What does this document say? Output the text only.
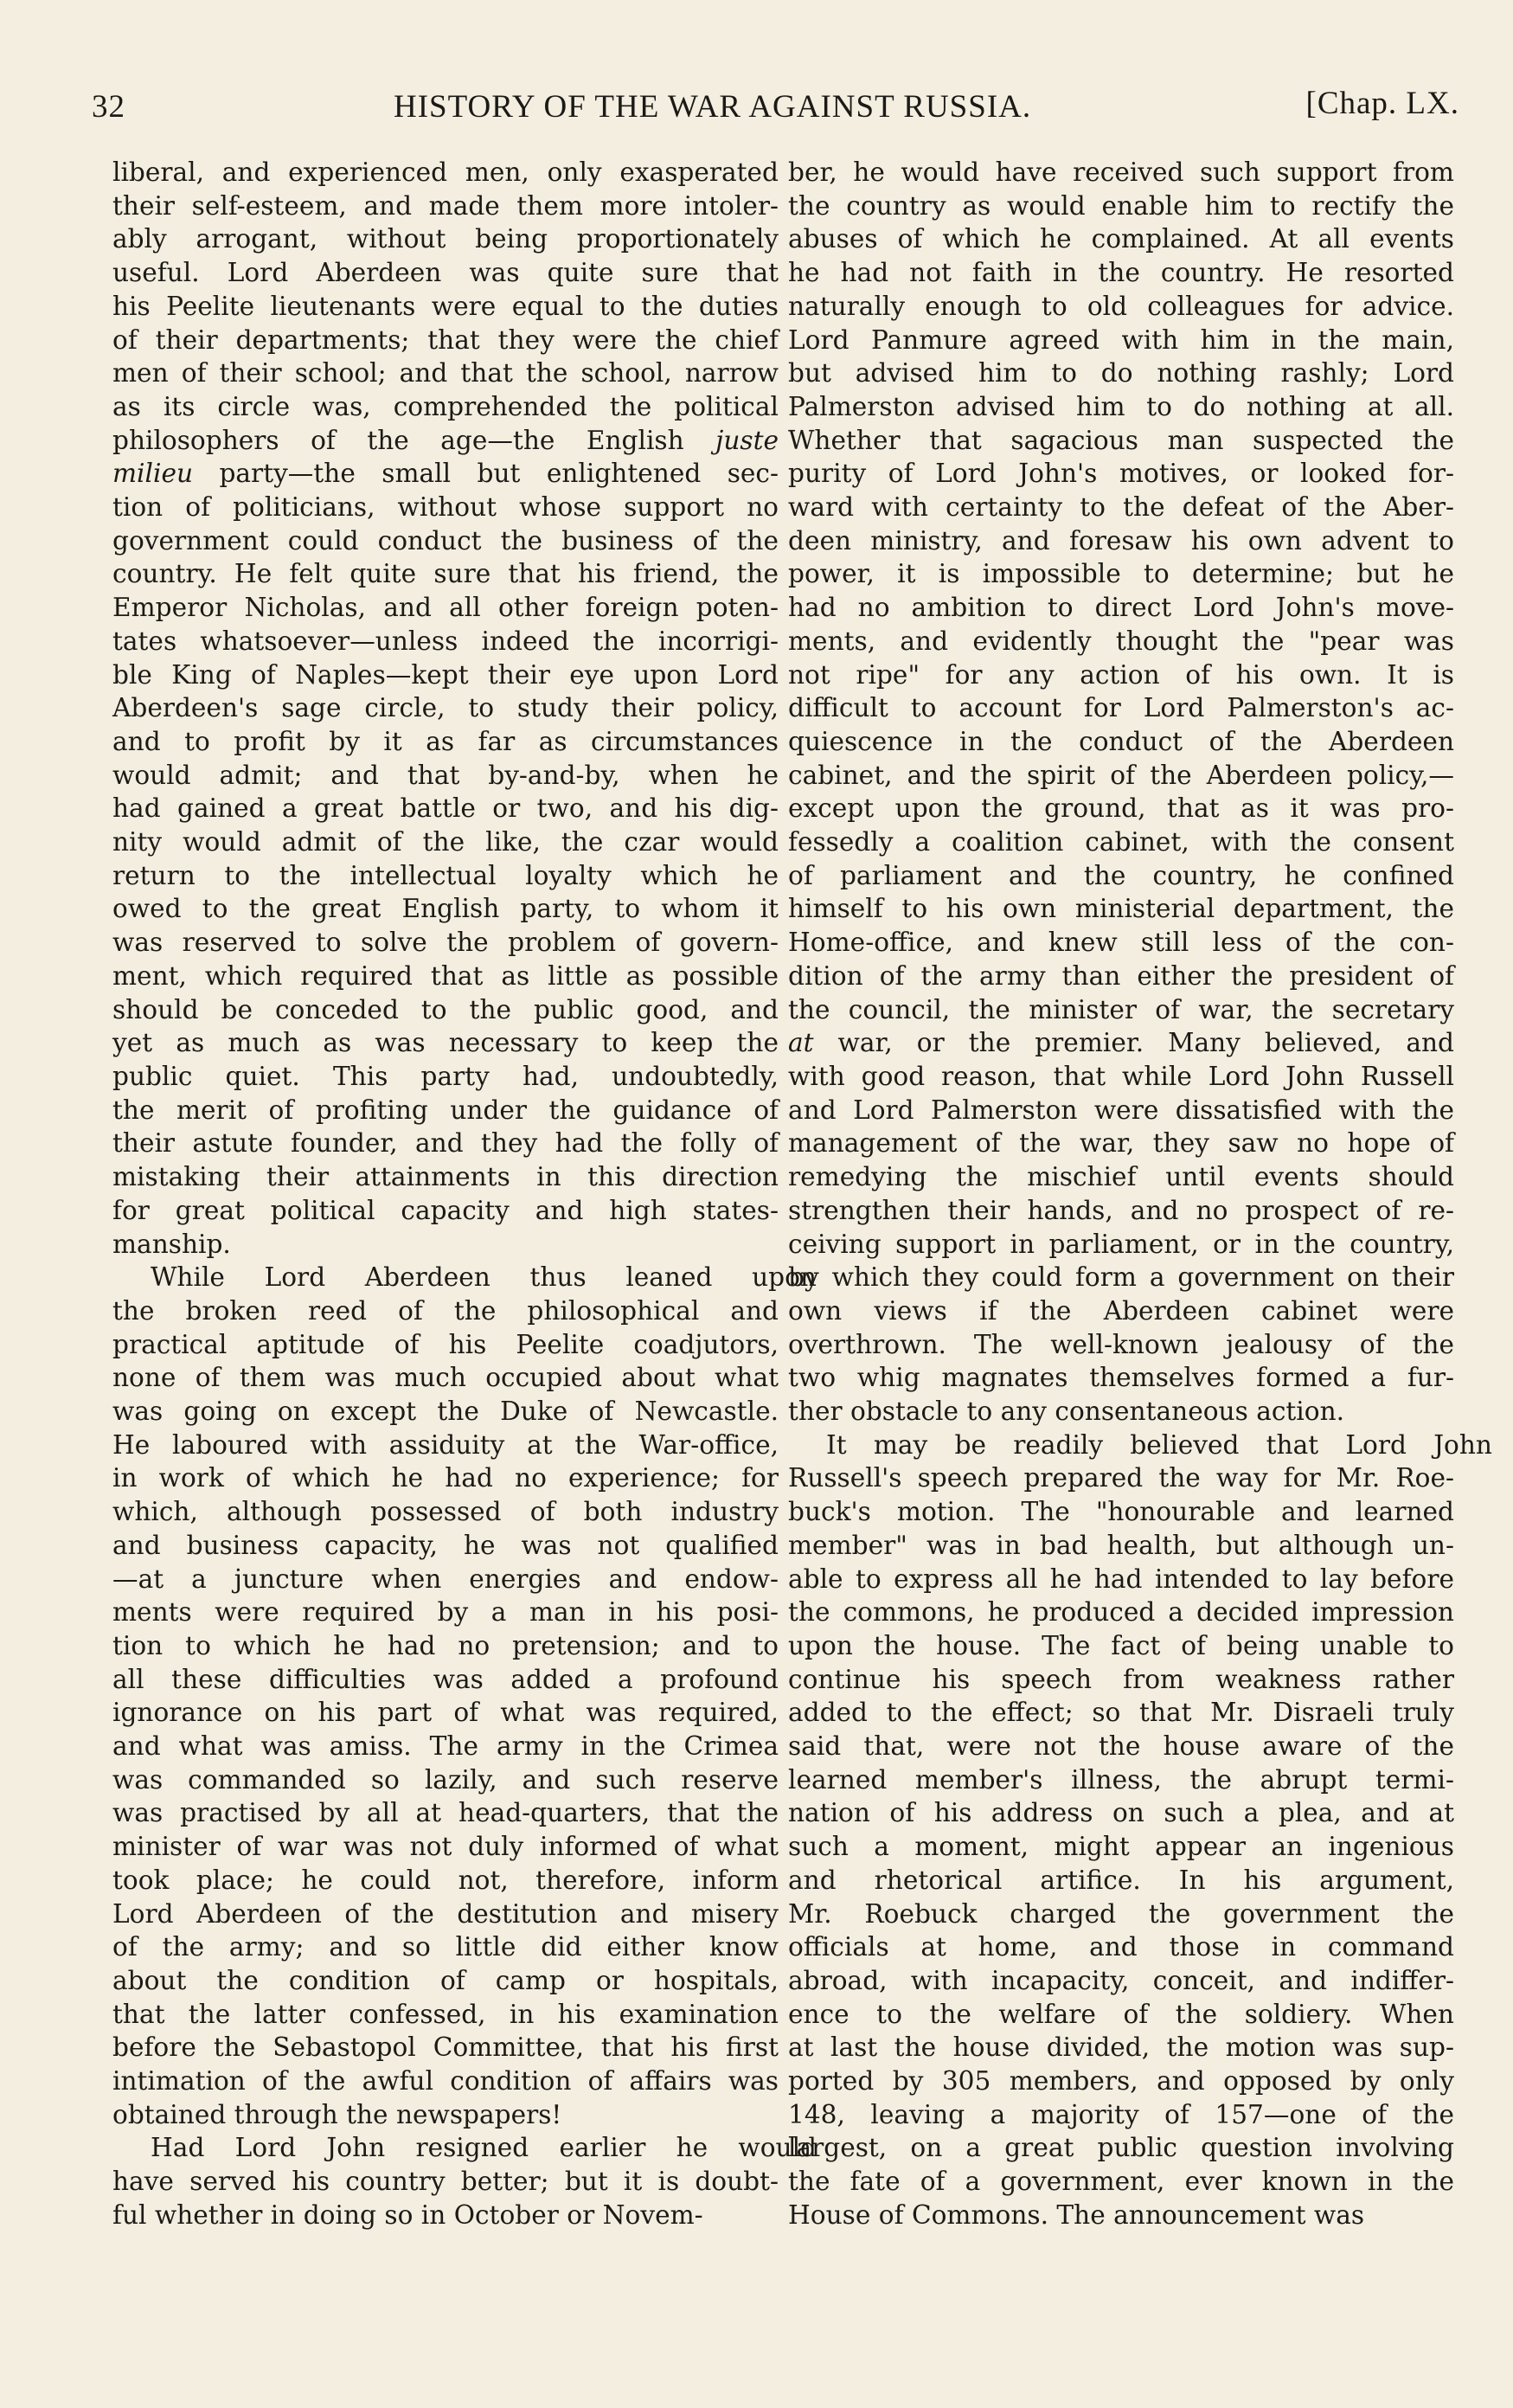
32	HISTORY OF THE WAR AGAINST RUSSIA.	[Chap. LX.
liberal, and experienced men, only exasperated
their self-esteem, and made them more intoler-
ably arrogant, without being proportionately
useful. Lord Aberdeen was quite sure that
his Peelite lieutenants were equal to the duties
of their departments; that they were the chief
men of their school; and that the school, narrow
as its circle was, comprehended the political
philosophers of the age—the English juste
milieu party—the small but enlightened sec-
tion of politicians, without whose support no
government could conduct the business of the
country. He felt quite sure that his friend, the
Emperor Nicholas, and all other foreign poten-
tates whatsoever—unless indeed the incorrigi-
ble King of Naples—kept their eye upon Lord
Aberdeen's sage circle, to study their policy,
and to profit by it as far as circumstances
would admit; and that by-and-by, when he
had gained a great battle or two, and his dig-
nity would admit of the like, the czar would
return to the intellectual loyalty which he
owed to the great English party, to whom it
was reserved to solve the problem of govern-
ment, which required that as little as possible
should be conceded to the public good, and
yet as much as was necessary to keep the
public quiet. This party had, undoubtedly,
the merit of profiting under the guidance of
their astute founder, and they had the folly of
mistaking their attainments in this direction
for great political capacity and high states-
manship.
While Lord Aberdeen thus leaned upon
the broken reed of the philosophical and
practical aptitude of his Peelite coadjutors,
none of them was much occupied about what
was going on except the Duke of Newcastle.
He laboured with assiduity at the War-office,
in work of which he had no experience; for
which, although possessed of both industry
and business capacity, he was not qualified
—at a juncture when energies and endow-
ments were required by a man in his posi-
tion to which he had no pretension; and to
all these difficulties was added a profound
ignorance on his part of what was required,
and what was amiss. The army in the Crimea
was commanded so lazily, and such reserve
was practised by all at head-quarters, that the
minister of war was not duly informed of what
took place; he could not, therefore, inform
Lord Aberdeen of the destitution and misery
of the army; and so little did either know
about the condition of camp or hospitals,
that the latter confessed, in his examination
before the Sebastopol Committee, that his first
intimation of the awful condition of affairs was
obtained through the newspapers!
Had Lord John resigned earlier he would
have served his country better; but it is doubt-
ful whether in doing so in October or Novem-
ber, he would have received such support from
the country as would enable him to rectify the
abuses of which he complained. At all events
he had not faith in the country. He resorted
naturally enough to old colleagues for advice.
Lord Panmure agreed with him in the main,
but advised him to do nothing rashly; Lord
Palmerston advised him to do nothing at all.
Whether that sagacious man suspected the
purity of Lord John's motives, or looked for-
ward with certainty to the defeat of the Aber-
deen ministry, and foresaw his own advent to
power, it is impossible to determine; but he
had no ambition to direct Lord John's move-
ments, and evidently thought the "pear was
not ripe" for any action of his own. It is
difficult to account for Lord Palmerston's ac-
quiescence in the conduct of the Aberdeen
cabinet, and the spirit of the Aberdeen policy,—
except upon the ground, that as it was pro-
fessedly a coalition cabinet, with the consent
of parliament and the country, he confined
himself to his own ministerial department, the
Home-office, and knew still less of the con-
dition of the army than either the president of
the council, the minister of war, the secretary
at war, or the premier. Many believed, and
with good reason, that while Lord John Russell
and Lord Palmerston were dissatisfied with the
management of the war, they saw no hope of
remedying the mischief until events should
strengthen their hands, and no prospect of re-
ceiving support in parliament, or in the country,
by which they could form a government on their
own views if the Aberdeen cabinet were
overthrown. The well-known jealousy of the
two whig magnates themselves formed a fur-
ther obstacle to any consentaneous action.
It may be readily believed that Lord John
Russell's speech prepared the way for Mr. Roe-
buck's motion. The "honourable and learned
member" was in bad health, but although un-
able to express all he had intended to lay before
the commons, he produced a decided impression
upon the house. The fact of being unable to
continue his speech from weakness rather
added to the effect; so that Mr. Disraeli truly
said that, were not the house aware of the
learned member's illness, the abrupt termi-
nation of his address on such a plea, and at
such a moment, might appear an ingenious
and rhetorical artifice. In his argument,
Mr. Roebuck charged the government the
officials at home, and those in command
abroad, with incapacity, conceit, and indiffer-
ence to the welfare of the soldiery. When
at last the house divided, the motion was sup-
ported by 305 members, and opposed by only
148, leaving a majority of 157—one of the
largest, on a great public question involving
the fate of a government, ever known in the
House of Commons. The announcement was
